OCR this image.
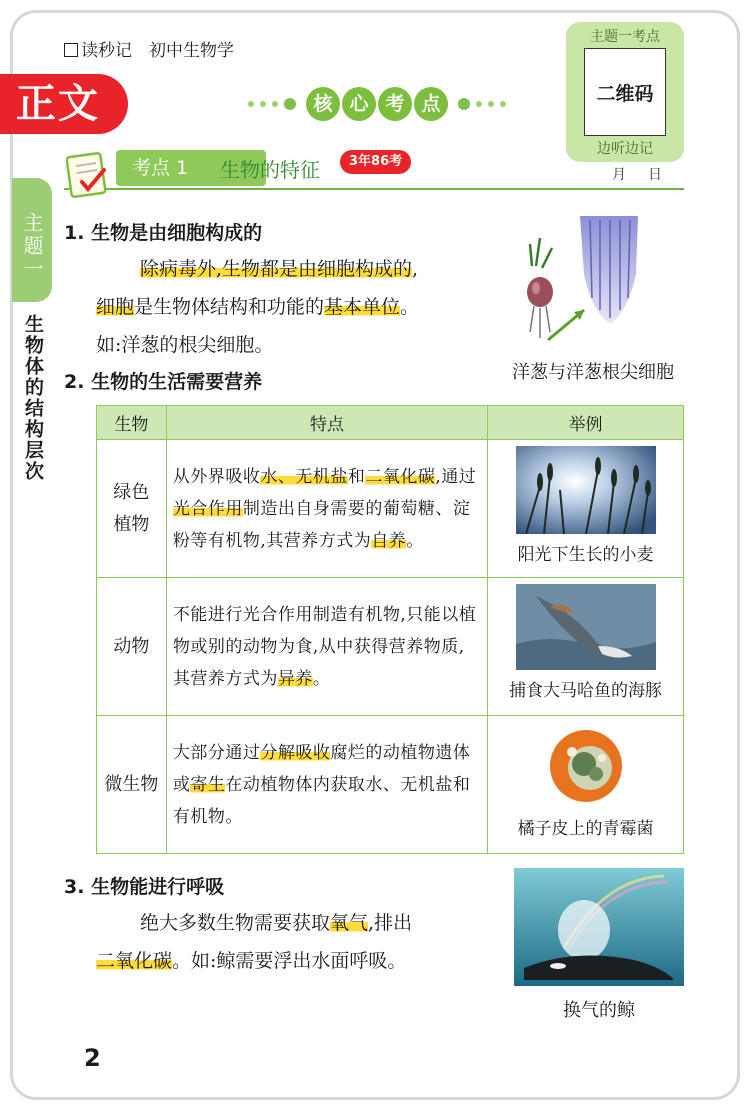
读秒记　初中生物学
正文	核 心 考 点
主题一考点
二维码
边听边记
考点 1	生物的特征	3年86考
月日
主题一
生物体的结构层次
1. 生物是由细胞构成的
除病毒外,生物都是由细胞构成的,
细胞是生物体结构和功能的基本单位。
如:洋葱的根尖细胞。
洋葱与洋葱根尖细胞
2. 生物的生活需要营养
生物	特点	举例
绿色
植物	从外界吸收水、无机盐和二氧化碳,通过光合作用制造出自身需要的葡萄糖、淀粉等有机物,其营养方式为自养。	阳光下生长的小麦

动物	不能进行光合作用制造有机物,只能以植物或别的动物为食,从中获得营养物质,其营养方式为异养。	捕食大马哈鱼的海豚

微生物	大部分通过分解吸收腐烂的动植物遗体或寄生在动植物体内获取水、无机盐和有机物。	橘子皮上的青霉菌
3. 生物能进行呼吸
绝大多数生物需要获取氧气,排出
二氧化碳。如:鲸需要浮出水面呼吸。
换气的鲸
2
